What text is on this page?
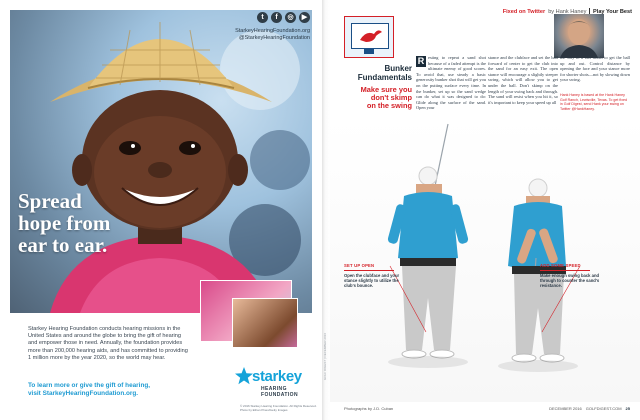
t	f	◎	▶
StarkeyHearingFoundation.org
@StarkeyHearingFoundation
Spread
hope from
ear to ear.
Starkey Hearing Foundation conducts hearing missions in the United States and around the globe to bring the gift of hearing and empower those in need. Annually, the foundation provides more than 200,000 hearing aids, and has committed to providing 1 million more by the year 2020, so the world may hear.
To learn more or give the gift of hearing,
visit StarkeyHearingFoundation.org.
starkey
HEARING FOUNDATION
© 2016 Starkey Hearing Foundation. All Rights Reserved.
Photo by Ethan Pines/Getty Images
GOLF DIGEST | DECEMBER 2016
Fixed on Twitter by Hank Haney Play Your Best
Bunker
Fundamentals
Make sure you
don't skimp
on the swing
R esting to repeat a sand shot because of a faded attempt is the ultimate enemy of good scores. To avoid that, use steady a basic generosity bunker shot that will get you on the putting surface every time. In the bunker, set up so the sand wedge can do what it was designed to do: Glide along the surface of the sand. Open your
stance and the clubface and set the ball forward of center to get the club into the sand for an easy exit. The open stance will encourage a slightly steeper swing, which will allow you to get under the ball. Don't skimp on the length of your swing back and through. The sand will resist when you hit it, so it's important to keep your speed up all
the way to a full finish to get the ball up and out. Control distance by opening the face and your stance more for shorter shots—not by slowing down your swing.
Hank Haney is based at the Hank Haney Golf Ranch, Lewisville, Texas. To get fixed in Golf Digest, send Hank your swing on Twitter @HankHaney.
SET UP OPEN
Open the clubface and your stance slightly to utilize the club's bounce.
ADD SOME SPEED
Make enough swing back and through to counter the sand's resistance.
Photographs by J.D. Cuban	DECEMBER 2016 GOLFDIGEST.COM 25
